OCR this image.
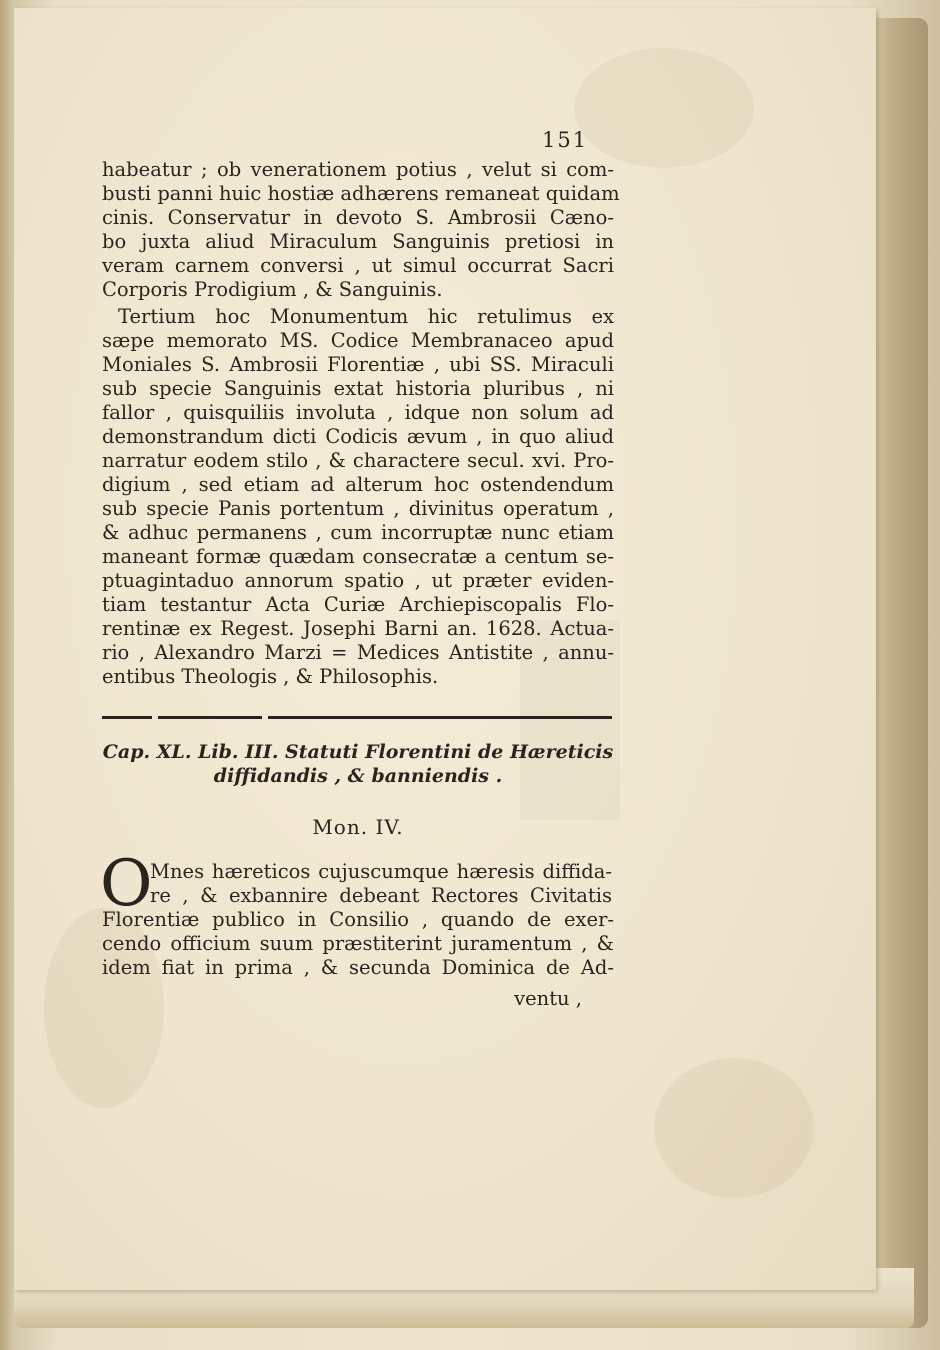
151
habeatur ; ob venerationem potius , velut si com-
busti panni huic hostiæ adhærens remaneat quidam
cinis. Conservatur in devoto S. Ambrosii Cæno-
bo juxta aliud Miraculum Sanguinis pretiosi in
veram carnem conversi , ut simul occurrat Sacri
Corporis Prodigium , & Sanguinis.
Tertium hoc Monumentum hic retulimus ex
sæpe memorato MS. Codice Membranaceo apud
Moniales S. Ambrosii Florentiæ , ubi SS. Miraculi
sub specie Sanguinis extat historia pluribus , ni
fallor , quisquiliis involuta , idque non solum ad
demonstrandum dicti Codicis ævum , in quo aliud
narratur eodem stilo , & charactere secul. xvi. Pro-
digium , sed etiam ad alterum hoc ostendendum
sub specie Panis portentum , divinitus operatum ,
& adhuc permanens , cum incorruptæ nunc etiam
maneant formæ quædam consecratæ a centum se-
ptuagintaduo annorum spatio , ut præter eviden-
tiam testantur Acta Curiæ Archiepiscopalis Flo-
rentinæ ex Regest. Josephi Barni an. 1628. Actua-
rio , Alexandro Marzi = Medices Antistite , annu-
entibus Theologis , & Philosophis.
Cap. XL. Lib. III. Statuti Florentini de Hæreticis
diffidandis , & banniendis .
Mon. IV.
O
Mnes hæreticos cujuscumque hæresis diffida-
re , & exbannire debeant Rectores Civitatis
Florentiæ publico in Consilio , quando de exer-
cendo officium suum præstiterint juramentum , &
idem fiat in prima , & secunda Dominica de Ad-
ventu ,
